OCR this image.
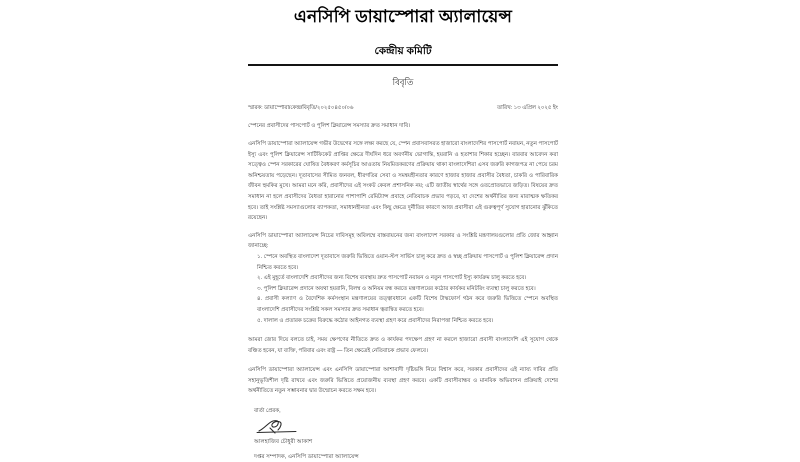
এনসিপি ডায়াস্পোরা অ্যালায়েন্স
কেন্দ্রীয় কমিটি
বিবৃতি
স্মারক: ডায়াস্পোরা/কেন্দ্র/বিবৃতি/২০২৫০৪৫০/০৬	তারিখ: ১৩ এপ্রিল ২০২৫ ইং
স্পেনের প্রবাসীদের পাসপোর্ট ও পুলিশ ক্লিয়ারেন্স সমস্যার দ্রুত সমাধান দাবি।
এনসিপি ডায়াস্পোরা অ্যালায়েন্স গভীর উদ্বেগের সঙ্গে লক্ষ্য করছে যে, স্পেন প্রবাসবাসরত হাজারো বাংলাদেশির পাসপোর্ট নবায়ন, নতুন পাসপোর্ট ইস্যু এবং পুলিশ ক্লিয়ারেন্স সার্টিফিকেট প্রাপ্তির ক্ষেত্রে দীর্ঘদিন ধরে অবর্ণনীয় ভোগান্তি, হয়রানি ও হতাশার শিকার হচ্ছেন। বারবার আবেদন করা সত্ত্বেও স্পেন সরকারের ঘোষিত বৈধকরণ কর্মসূচির আওতায় নিয়মিতকরণের প্রক্রিয়ায় থাকা বাংলাদেশিরা এসব জরুরি কাগজপত্র না পেয়ে চরম অনিশ্চয়তায় পড়েছেন। দূতাবাসের সীমিত জনবল, ধীরগতির সেবা ও সমন্বয়হীনতার কারণে হাজার হাজার প্রবাসীর বৈধতা, চাকরি ও পারিবারিক জীবন হুমকির মুখে। আমরা মনে করি, প্রবাসীদের এই সংকট কেবল প্রশাসনিক নয়; এটি জাতীয় স্বার্থের সঙ্গে ওতপ্রোতভাবে জড়িত। বিষয়ের দ্রুত সমাধান না হলে প্রবাসীদের বৈধতা হারানোর পাশাপাশি রেমিট্যান্স প্রবাহে নেতিবাচক প্রভাব পড়বে, যা দেশের অর্থনীতির জন্য মারাত্মক ক্ষতিকর হবে। তাই সংশ্লিষ্ট সমস্যাগুলোর ব্যাপকতা, সমাধানহীনতা এবং কিছু ক্ষেত্রে দুর্নীতির কারণে আজ প্রবাসীরা এই গুরুত্বপূর্ণ সুযোগ হারানোর ঝুঁকিতে রয়েছেন।
এনসিপি ডায়াস্পোরা অ্যালায়েন্স নিচের দাবিসমূহ অবিলম্বে বাস্তবায়নের জন্য বাংলাদেশ সরকার ও সংশ্লিষ্ট মন্ত্রণালয়গুলোর প্রতি জোর আহ্বান জানাচ্ছে:
১. স্পেনে অবস্থিত বাংলাদেশ দূতাবাসে জরুরি ভিত্তিতে ওয়ান-স্টপ সার্ভিস চালু করে দ্রুত ও স্বচ্ছ প্রক্রিয়ায় পাসপোর্ট ও পুলিশ ক্লিয়ারেন্স প্রদান নিশ্চিত করতে হবে।
২. এই মুহূর্তে বাংলাদেশি প্রবাসীদের জন্য বিশেষ ব্যবস্থায় দ্রুত পাসপোর্ট নবায়ন ও নতুন পাসপোর্ট ইস্যু কার্যক্রম চালু করতে হবে।
৩. পুলিশ ক্লিয়ারেন্স প্রদানে অযথা হয়রানি, বিলম্ব ও অনিয়ম বন্ধ করতে মন্ত্রণালয়ের কঠোর কার্যকর মনিটরিং ব্যবস্থা চালু করতে হবে।
৪. প্রবাসী কল্যাণ ও বৈদেশিক কর্মসংস্থান মন্ত্রণালয়ের তত্ত্বাবধানে একটি বিশেষ টাস্কফোর্স গঠন করে জরুরি ভিত্তিতে স্পেনে অবস্থিত বাংলাদেশি প্রবাসীদের সংশ্লিষ্ট সকল সমস্যার দ্রুত সমাধান ত্বরান্বিত করতে হবে।
৫. দালাল ও প্রতারক চক্রের বিরুদ্ধে কঠোর আইনগত ব্যবস্থা গ্রহণ করে প্রবাসীদের নিরাপত্তা নিশ্চিত করতে হবে।
আমরা জোর দিয়ে বলতে চাই, সময় ক্ষেপণের নীতিতে দ্রুত ও কার্যকর পদক্ষেপ গ্রহণ না করলে হাজারো প্রবাসী বাংলাদেশি এই সুযোগ থেকে বঞ্চিত হবেন, যা ব্যক্তি, পরিবার এবং রাষ্ট্র — তিন ক্ষেত্রেই নেতিবাচক প্রভাব ফেলবে।
এনসিপি ডায়াস্পোরা অ্যালায়েন্স এবং এনসিপি ডায়াস্পোরা আশাবাদী দৃষ্টিভঙ্গি নিয়ে বিশ্বাস করে, সরকার প্রবাসীদের এই ন্যায্য দাবির প্রতি সহানুভূতিশীল দৃষ্টি রাখবে এবং জরুরি ভিত্তিতে প্রয়োজনীয় ব্যবস্থা গ্রহণ করবে। একটি প্রবাসীবান্ধব ও মানবিক অভিবাসন প্রক্রিয়াই দেশের অর্থনীতিতে নতুন সম্ভাবনার দ্বার উন্মোচন করতে সক্ষম হবে।
বার্তা প্রেরক,
আলহাজিব চৌধুরী আকাশ
দপ্তর সম্পাদক, এনসিপি ডায়াস্পোরা অ্যালায়েন্স
